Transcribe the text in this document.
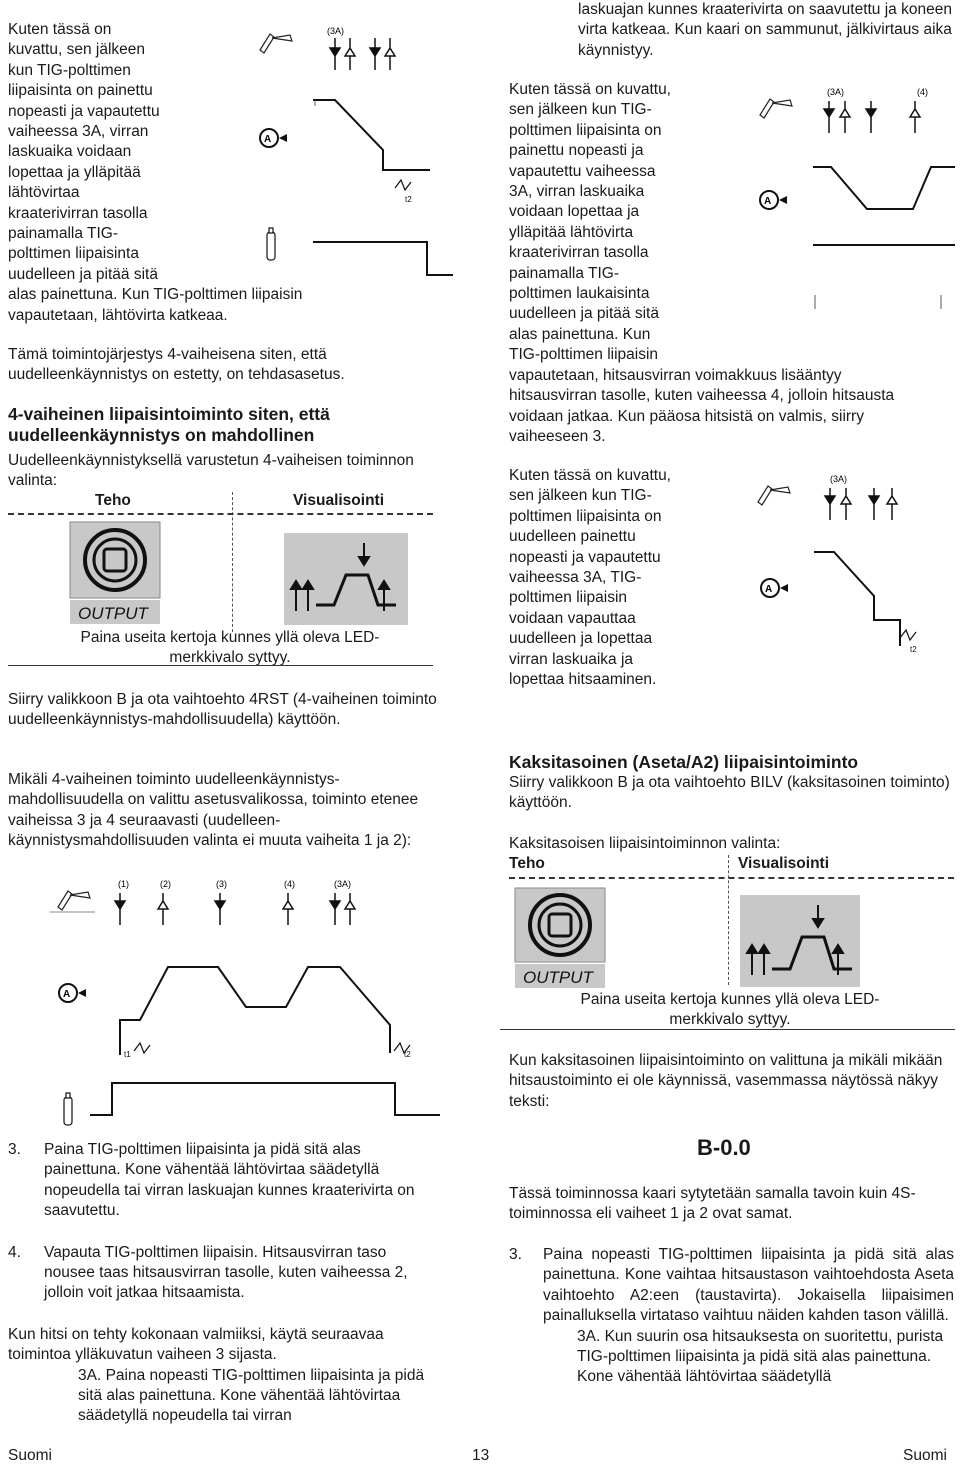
Kuten tässä on
kuvattu, sen jälkeen
kun TIG-polttimen
liipaisinta on painettu
nopeasti ja vapautettu
vaiheessa 3A, virran
laskuaika voidaan
lopettaa ja ylläpitää
lähtövirtaa
kraaterivirran tasolla
painamalla TIG-
polttimen liipaisinta
uudelleen ja pitää sitä
alas painettuna. Kun TIG-polttimen liipaisin
vapautetaan, lähtövirta katkeaa.
(3A)
A
t2

Tämä toimintojärjestys 4-vaiheisena siten, että uudelleenkäynnistys on estetty, on tehdasasetus.

4-vaiheinen liipaisintoiminto siten, että uudelleenkäynnistys on mahdollinen

Uudelleenkäynnistyksellä varustetun 4-vaiheisen toiminnon valinta:

Teho	Visualisointi
OUTPUT
Paina useita kertoja kunnes yllä oleva LED-merkkivalo syttyy.

Siirry valikkoon B ja ota vaihtoehto 4RST (4-vaiheinen toiminto uudelleenkäynnistys-mahdollisuudella) käyttöön.

Mikäli 4-vaiheinen toiminto uudelleenkäynnistys-mahdollisuudella on valittu asetusvalikossa, toiminto etenee vaiheissa 3 ja 4 seuraavasti (uudelleen-käynnistysmahdollisuuden valinta ei muuta vaiheita 1 ja 2):

(1)	(2)	(3)	(4)	(3A)
A
t1	t2
3. Paina TIG-polttimen liipaisinta ja pidä sitä alas painettuna. Kone vähentää lähtövirtaa säädetyllä nopeudella tai virran laskuajan kunnes kraaterivirta on saavutettu.

4. Vapauta TIG-polttimen liipaisin. Hitsausvirran taso nousee taas hitsausvirran tasolle, kuten vaiheessa 2, jolloin voit jatkaa hitsaamista.

Kun hitsi on tehty kokonaan valmiiksi, käytä seuraavaa toimintoa ylläkuvatun vaiheen 3 sijasta.

3A. Paina nopeasti TIG-polttimen liipaisinta ja pidä sitä alas painettuna. Kone vähentää lähtövirtaa säädetyllä nopeudella tai virran

laskuajan kunnes kraaterivirta on saavutettu ja koneen virta katkeaa. Kun kaari on sammunut, jälkivirtaus aika käynnistyy.

Kuten tässä on kuvattu,
sen jälkeen kun TIG-
polttimen liipaisinta on
painettu nopeasti ja
vapautettu vaiheessa
3A, virran laskuaika
voidaan lopettaa ja
ylläpitää lähtövirta
kraaterivirran tasolla
painamalla TIG-
polttimen laukaisinta
uudelleen ja pitää sitä
alas painettuna. Kun
TIG-polttimen liipaisin
vapautetaan, hitsausvirran voimakkuus lisääntyy
hitsausvirran tasolle, kuten vaiheessa 4, jolloin hitsausta
voidaan jatkaa. Kun pääosa hitsistä on valmis, siirry
vaiheeseen 3.
(3A)	(4)
A
Kuten tässä on kuvattu,
sen jälkeen kun TIG-
polttimen liipaisinta on
uudelleen painettu
nopeasti ja vapautettu
vaiheessa 3A, TIG-
polttimen liipaisin
voidaan vapauttaa
uudelleen ja lopettaa
virran laskuaika ja
lopettaa hitsaaminen.
(3A)
A
t2

Kaksitasoinen (Aseta/A2) liipaisintoiminto

Siirry valikkoon B ja ota vaihtoehto BILV (kaksitasoinen toiminto) käyttöön.

Kaksitasoisen liipaisintoiminnon valinta:

Teho	Visualisointi
OUTPUT
Paina useita kertoja kunnes yllä oleva LED-merkkivalo syttyy.

Kun kaksitasoinen liipaisintoiminto on valittuna ja mikäli mikään hitsaustoiminto ei ole käynnissä, vasemmassa näytössä näkyy teksti:

B-0.0

Tässä toiminnossa kaari sytytetään samalla tavoin kuin 4S-toiminnossa eli vaiheet 1 ja 2 ovat samat.

3. Paina nopeasti TIG-polttimen liipaisinta ja pidä sitä alas painettuna. Kone vaihtaa hitsaustason vaihtoehdosta Aseta vaihtoehto A2:een (taustavirta). Jokaisella liipaisimen painalluksella virtataso vaihtuu näiden kahden tason välillä.

3A. Kun suurin osa hitsauksesta on suoritettu, purista TIG-polttimen liipaisinta ja pidä sitä alas painettuna. Kone vähentää lähtövirtaa säädetyllä

Suomi	13	Suomi
